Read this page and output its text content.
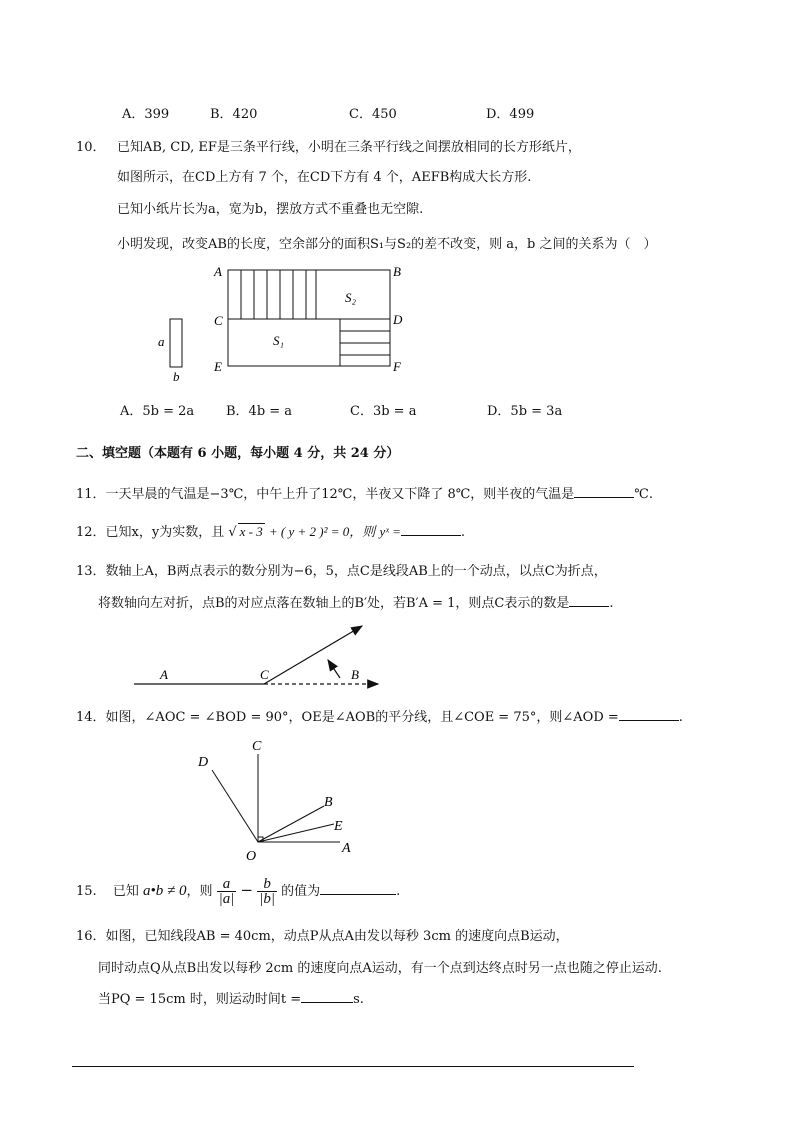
A．399	B．420	C．450	D．499
10． 已知AB, CD, EF是三条平行线，小明在三条平行线之间摆放相同的长方形纸片，
如图所示，在CD上方有 7 个，在CD下方有 4 个，AEFB构成大长方形.
已知小纸片长为a，宽为b，摆放方式不重叠也无空隙.
小明发现，改变AB的长度，空余部分的面积S₁与S₂的差不改变，则 a，b 之间的关系为（　）
a
b
A	B
C	D
E	F
S₂
S₁
A．5b = 2a B．4b = a	C．3b = a	D．5b = 3a
二、填空题（本题有 6 小题，每小题 4 分，共 24 分）
11．一天早晨的气温是−3℃，中午上升了12℃，半夜又下降了 8℃，则半夜的气温是	℃.
12．已知x，y为实数，且 √ x - 3 + ( y + 2 )² = 0，则 yˣ =	.
13．数轴上A，B两点表示的数分别为−6，5，点C是线段AB上的一个动点，以点C为折点，
将数轴向左对折，点B的对应点落在数轴上的B′处，若B′A = 1，则点C表示的数是	.
A	C	B
14．如图，∠AOC = ∠BOD = 90°，OE是∠AOB的平分线，且∠COE = 75°，则∠AOD =	.
D
C
B
E
O
A
15. 已知 a•b ≠ 0，则 $\frac{a}{|a|} - \frac{b}{|b|}$ 的值为	.
16．如图，已知线段AB = 40cm，动点P从点A由发以每秒 3cm 的速度向点B运动，
同时动点Q从点B出发以每秒 2cm 的速度向点A运动，有一个点到达终点时另一点也随之停止运动.
当PQ = 15cm 时，则运动时间t =	s.
